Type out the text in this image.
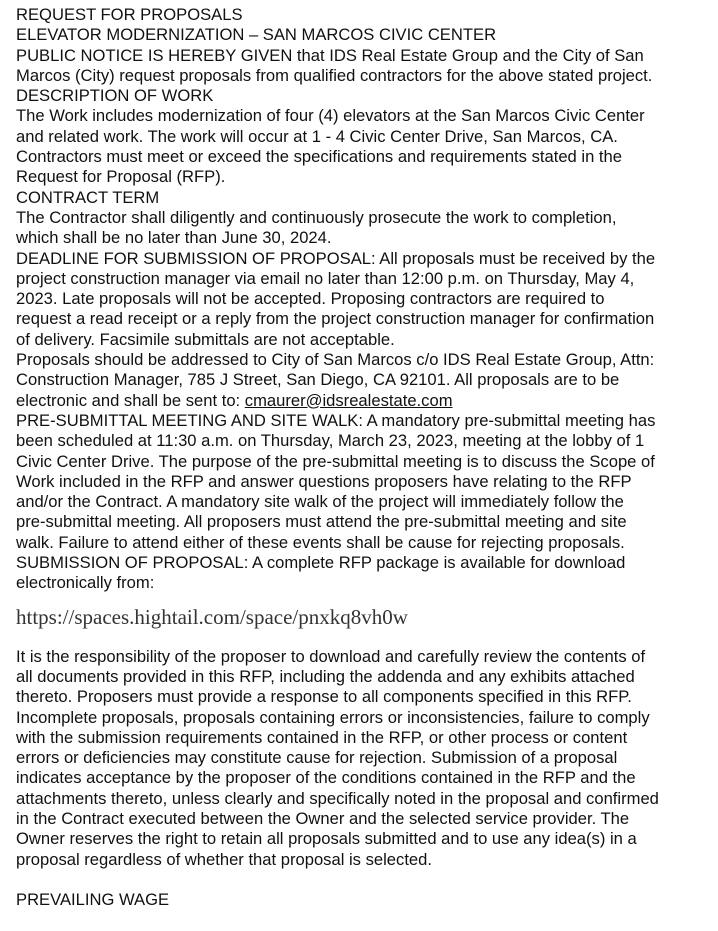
REQUEST FOR PROPOSALS
ELEVATOR MODERNIZATION – SAN MARCOS CIVIC CENTER
PUBLIC NOTICE IS HEREBY GIVEN that IDS Real Estate Group and the City of San
Marcos (City) request proposals from qualified contractors for the above stated project.
DESCRIPTION OF WORK
The Work includes modernization of four (4) elevators at the San Marcos Civic Center
and related work. The work will occur at 1 - 4 Civic Center Drive, San Marcos, CA.
Contractors must meet or exceed the specifications and requirements stated in the
Request for Proposal (RFP).
CONTRACT TERM
The Contractor shall diligently and continuously prosecute the work to completion,
which shall be no later than June 30, 2024.
DEADLINE FOR SUBMISSION OF PROPOSAL: All proposals must be received by the
project construction manager via email no later than 12:00 p.m. on Thursday, May 4,
2023. Late proposals will not be accepted. Proposing contractors are required to
request a read receipt or a reply from the project construction manager for confirmation
of delivery. Facsimile submittals are not acceptable.
Proposals should be addressed to City of San Marcos c/o IDS Real Estate Group, Attn:
Construction Manager, 785 J Street, San Diego, CA 92101. All proposals are to be
electronic and shall be sent to: cmaurer@idsrealestate.com
PRE-SUBMITTAL MEETING AND SITE WALK: A mandatory pre-submittal meeting has
been scheduled at 11:30 a.m. on Thursday, March 23, 2023, meeting at the lobby of 1
Civic Center Drive. The purpose of the pre-submittal meeting is to discuss the Scope of
Work included in the RFP and answer questions proposers have relating to the RFP
and/or the Contract. A mandatory site walk of the project will immediately follow the
pre-submittal meeting. All proposers must attend the pre-submittal meeting and site
walk. Failure to attend either of these events shall be cause for rejecting proposals.
SUBMISSION OF PROPOSAL: A complete RFP package is available for download
electronically from:
https://spaces.hightail.com/space/pnxkq8vh0w
It is the responsibility of the proposer to download and carefully review the contents of
all documents provided in this RFP, including the addenda and any exhibits attached
thereto. Proposers must provide a response to all components specified in this RFP.
Incomplete proposals, proposals containing errors or inconsistencies, failure to comply
with the submission requirements contained in the RFP, or other process or content
errors or deficiencies may constitute cause for rejection. Submission of a proposal
indicates acceptance by the proposer of the conditions contained in the RFP and the
attachments thereto, unless clearly and specifically noted in the proposal and confirmed
in the Contract executed between the Owner and the selected service provider. The
Owner reserves the right to retain all proposals submitted and to use any idea(s) in a
proposal regardless of whether that proposal is selected.
PREVAILING WAGE
